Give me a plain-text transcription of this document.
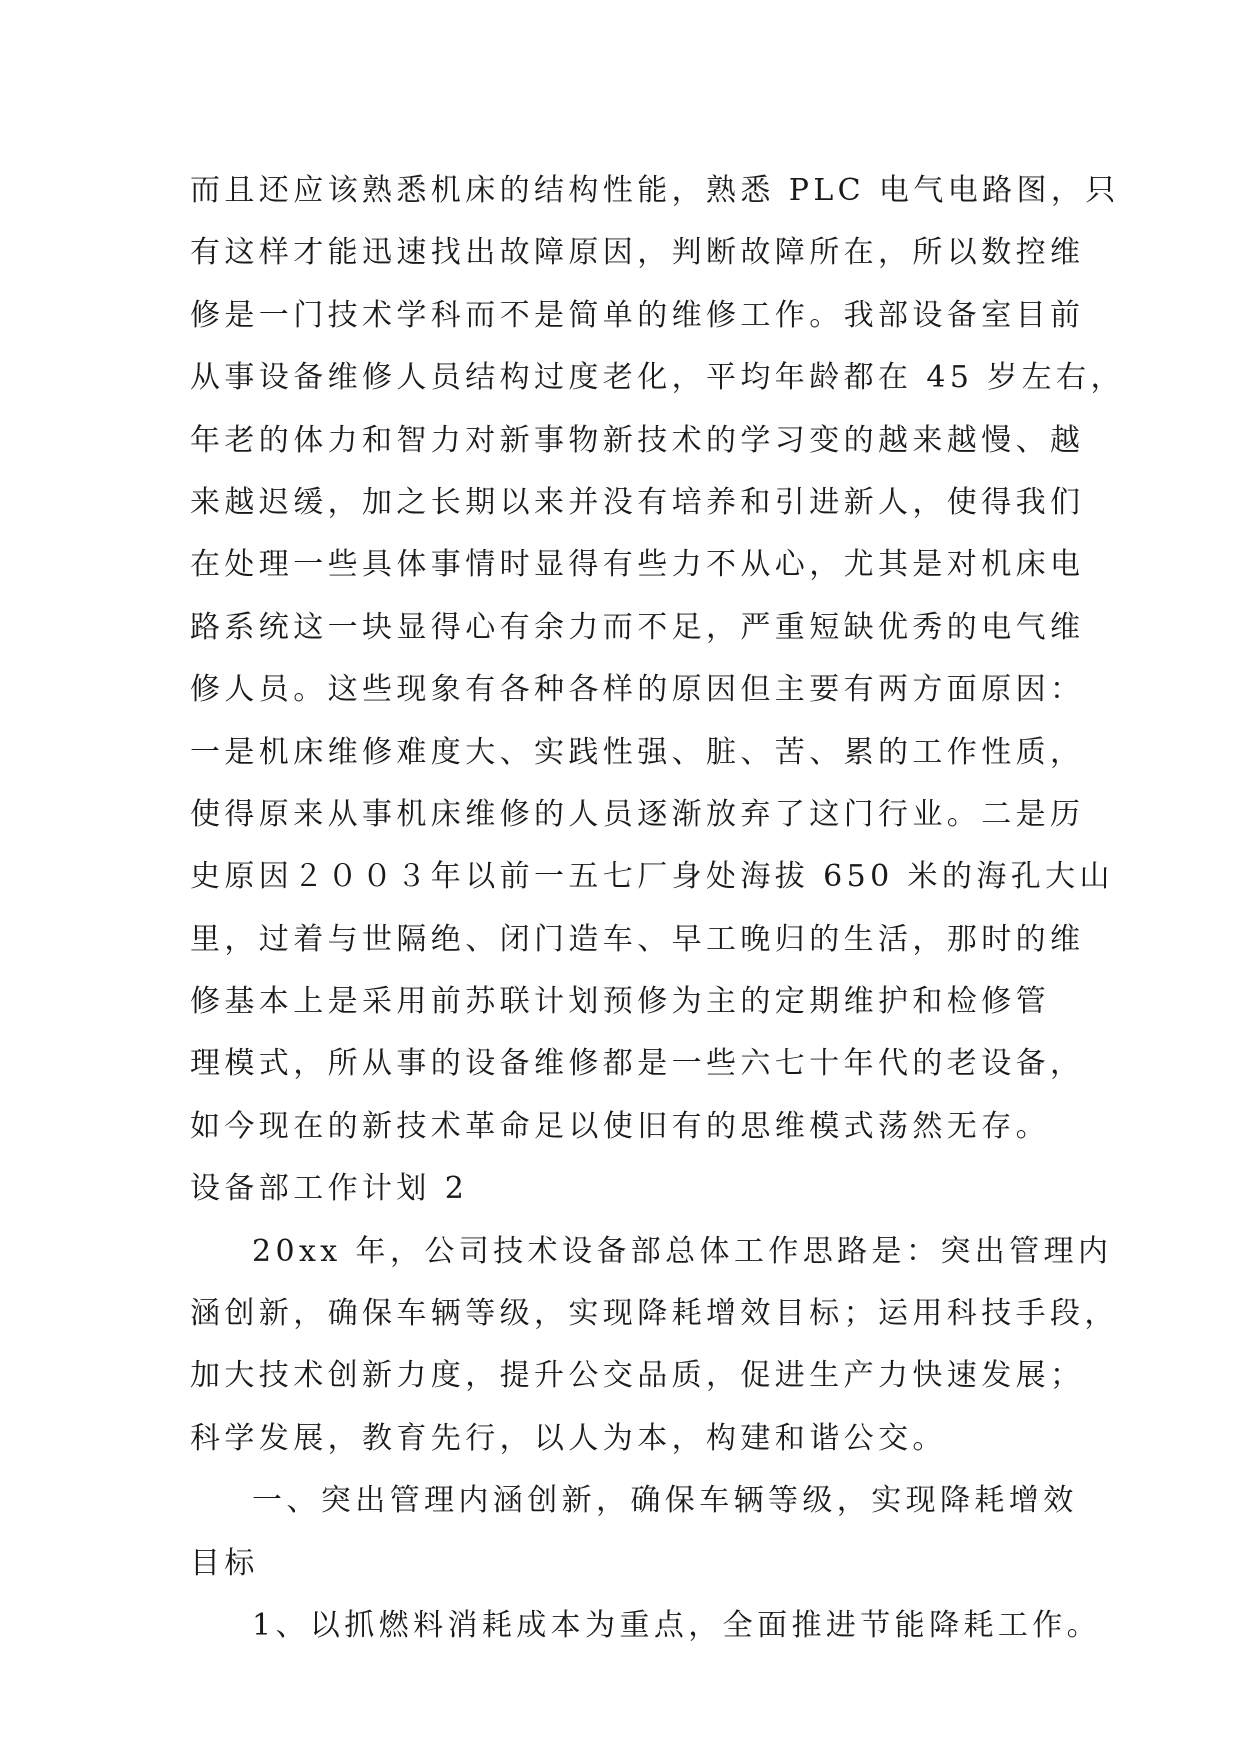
而且还应该熟悉机床的结构性能，熟悉 PLC 电气电路图，只
有这样才能迅速找出故障原因，判断故障所在，所以数控维
修是一门技术学科而不是简单的维修工作。我部设备室目前
从事设备维修人员结构过度老化，平均年龄都在 45 岁左右，
年老的体力和智力对新事物新技术的学习变的越来越慢、越
来越迟缓，加之长期以来并没有培养和引进新人，使得我们
在处理一些具体事情时显得有些力不从心，尤其是对机床电
路系统这一块显得心有余力而不足，严重短缺优秀的电气维
修人员。这些现象有各种各样的原因但主要有两方面原因：
一是机床维修难度大、实践性强、脏、苦、累的工作性质，
使得原来从事机床维修的人员逐渐放弃了这门行业。二是历
史原因２００３年以前一五七厂身处海拔 650 米的海孔大山
里，过着与世隔绝、闭门造车、早工晚归的生活，那时的维
修基本上是采用前苏联计划预修为主的定期维护和检修管
理模式，所从事的设备维修都是一些六七十年代的老设备，
如今现在的新技术革命足以使旧有的思维模式荡然无存。
设备部工作计划 2
20xx 年，公司技术设备部总体工作思路是：突出管理内
涵创新，确保车辆等级，实现降耗增效目标；运用科技手段，
加大技术创新力度，提升公交品质，促进生产力快速发展；
科学发展，教育先行，以人为本，构建和谐公交。
一、突出管理内涵创新，确保车辆等级，实现降耗增效
目标
1、以抓燃料消耗成本为重点，全面推进节能降耗工作。
